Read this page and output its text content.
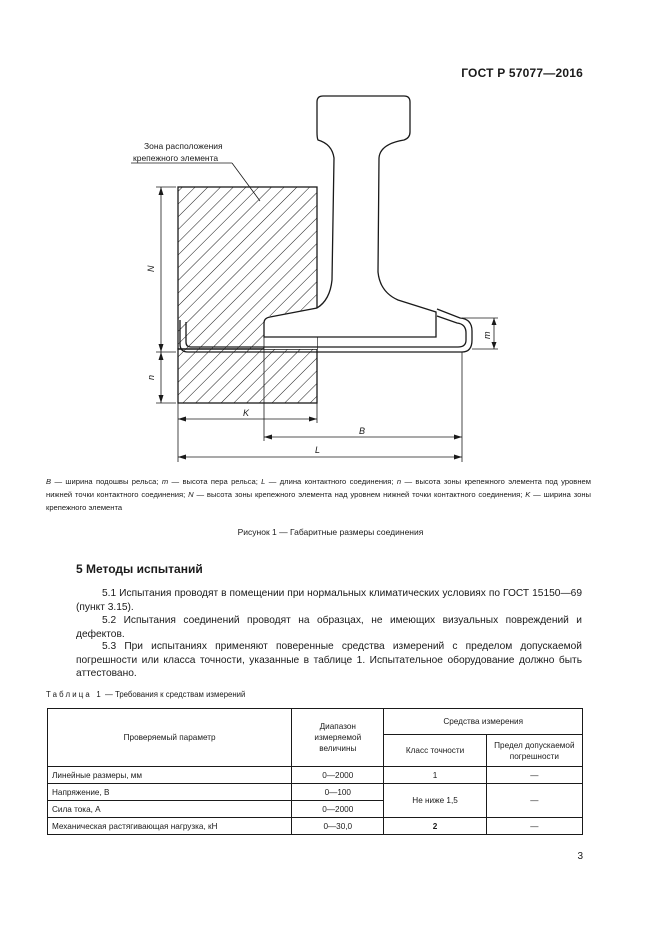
ГОСТ Р 57077—2016
Зона расположения
крепежного элемента
N
n
m
K
B
L
B — ширина подошвы рельса; m — высота пера рельса; L — длина контактного соединения; n — высота зоны крепежного элемента под уровнем нижней точки контактного соединения; N — высота зоны крепежного элемента над уровнем нижней точки контактного соединения; K — ширина зоны крепежного элемента
Рисунок 1 — Габаритные размеры соединения
5 Методы испытаний
5.1 Испытания проводят в помещении при нормальных климатических условиях по ГОСТ 15150—69 (пункт 3.15).
5.2 Испытания соединений проводят на образцах, не имеющих визуальных повреждений и дефектов.
5.3 При испытаниях применяют поверенные средства измерений с пределом допускаемой погрешности или класса точности, указанные в таблице 1. Испытательное оборудование должно быть аттестовано.
Таблица 1 — Требования к средствам измерений
Проверяемый параметр	Диапазон измеряемой величины	Средства измерения	
		Класс точности	Предел допускаемой погрешности
Линейные размеры, мм	0—2000	1	—
Напряжение, В	0—100	Не ниже 1,5	—
Сила тока, А	0—2000		
Механическая растягивающая нагрузка, кН	0—30,0	2	—
3
